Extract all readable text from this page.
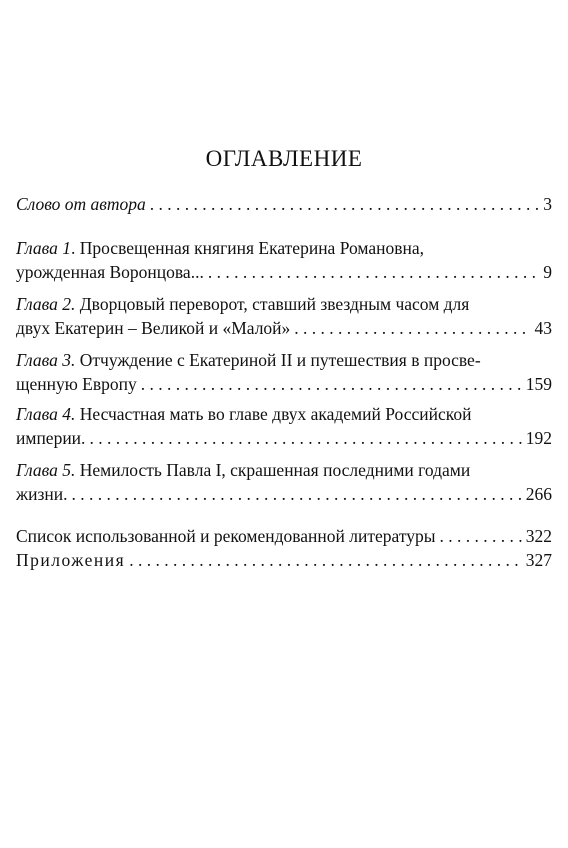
ОГЛАВЛЕНИЕ
Слово от автора . . .	3
Глава 1. Просвещенная княгиня Екатерина Романовна,
урожденная Воронцова... . . .	9
Глава 2. Дворцовый переворот, ставший звездным часом для
двух Екатерин – Великой и «Малой» . . .	43
Глава 3. Отчуждение с Екатериной II и путешествия в просве-
щенную Европу . . .	159
Глава 4. Несчастная мать во главе двух академий Российской
империи. . . .	192
Глава 5. Немилость Павла I, скрашенная последними годами
жизни. . . .	266
Список использованной и рекомендованной литературы . . .	322
Приложения . . .	327
